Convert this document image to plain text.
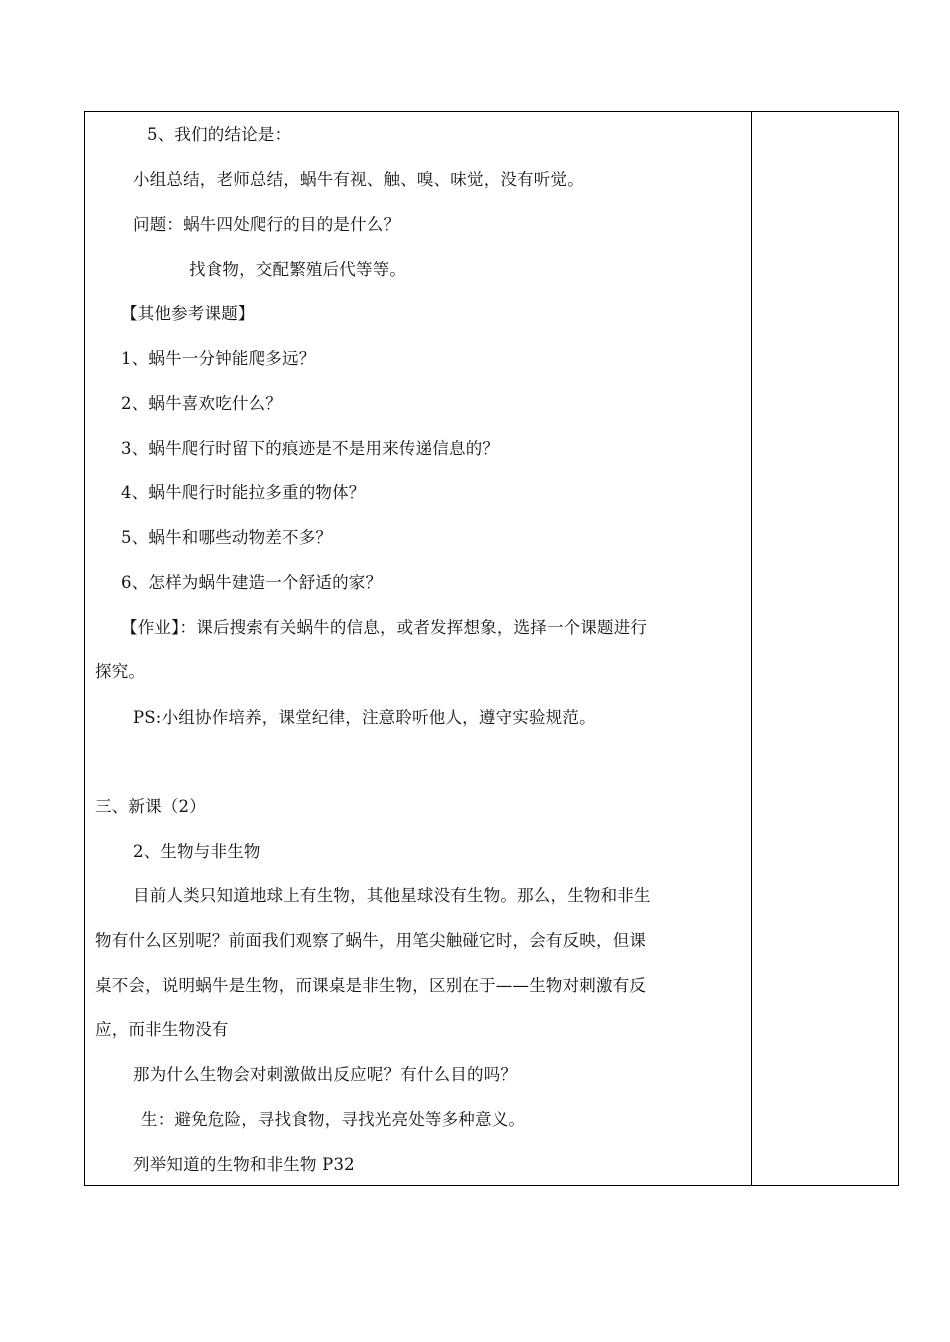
5、我们的结论是：
小组总结，老师总结，蜗牛有视、触、嗅、味觉，没有听觉。
问题：蜗牛四处爬行的目的是什么？
找食物，交配繁殖后代等等。
【其他参考课题】
1、蜗牛一分钟能爬多远？
2、蜗牛喜欢吃什么？
3、蜗牛爬行时留下的痕迹是不是用来传递信息的？
4、蜗牛爬行时能拉多重的物体？
5、蜗牛和哪些动物差不多？
6、怎样为蜗牛建造一个舒适的家？
【作业】：课后搜索有关蜗牛的信息，或者发挥想象，选择一个课题进行
探究。
PS:小组协作培养，课堂纪律，注意聆听他人，遵守实验规范。
三、新课（2）
2、生物与非生物
目前人类只知道地球上有生物，其他星球没有生物。那么，生物和非生
物有什么区别呢？前面我们观察了蜗牛，用笔尖触碰它时，会有反映，但课
桌不会，说明蜗牛是生物，而课桌是非生物，区别在于——生物对刺激有反
应，而非生物没有
那为什么生物会对刺激做出反应呢？有什么目的吗？
生：避免危险，寻找食物，寻找光亮处等多种意义。
列举知道的生物和非生物 P32
